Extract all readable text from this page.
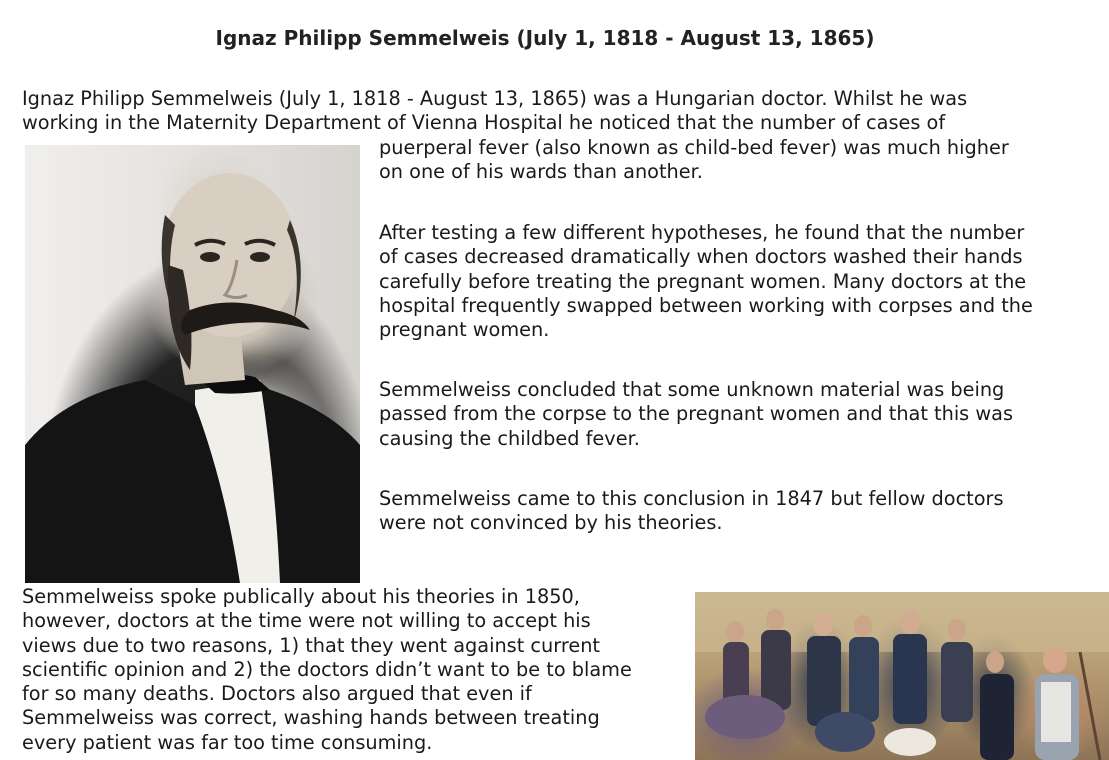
Ignaz Philipp Semmelweis (July 1, 1818 - August 13, 1865)
Ignaz Philipp Semmelweis (July 1, 1818 - August 13, 1865) was a Hungarian doctor. Whilst he was
working in the Maternity Department of Vienna Hospital he noticed that the number of cases of
puerperal fever (also known as child-bed fever) was much higher
on one of his wards than another.
After testing a few different hypotheses, he found that the number
of cases decreased dramatically when doctors washed their hands
carefully before treating the pregnant women. Many doctors at the
hospital frequently swapped between working with corpses and the
pregnant women.
Semmelweiss concluded that some unknown material was being
passed from the corpse to the pregnant women and that this was
causing the childbed fever.
Semmelweiss came to this conclusion in 1847 but fellow doctors
were not convinced by his theories.
Semmelweiss spoke publically about his theories in 1850,
however, doctors at the time were not willing to accept his
views due to two reasons, 1) that they went against current
scientific opinion and 2) the doctors didn’t want to be to blame
for so many deaths. Doctors also argued that even if
Semmelweiss was correct, washing hands between treating
every patient was far too time consuming.
